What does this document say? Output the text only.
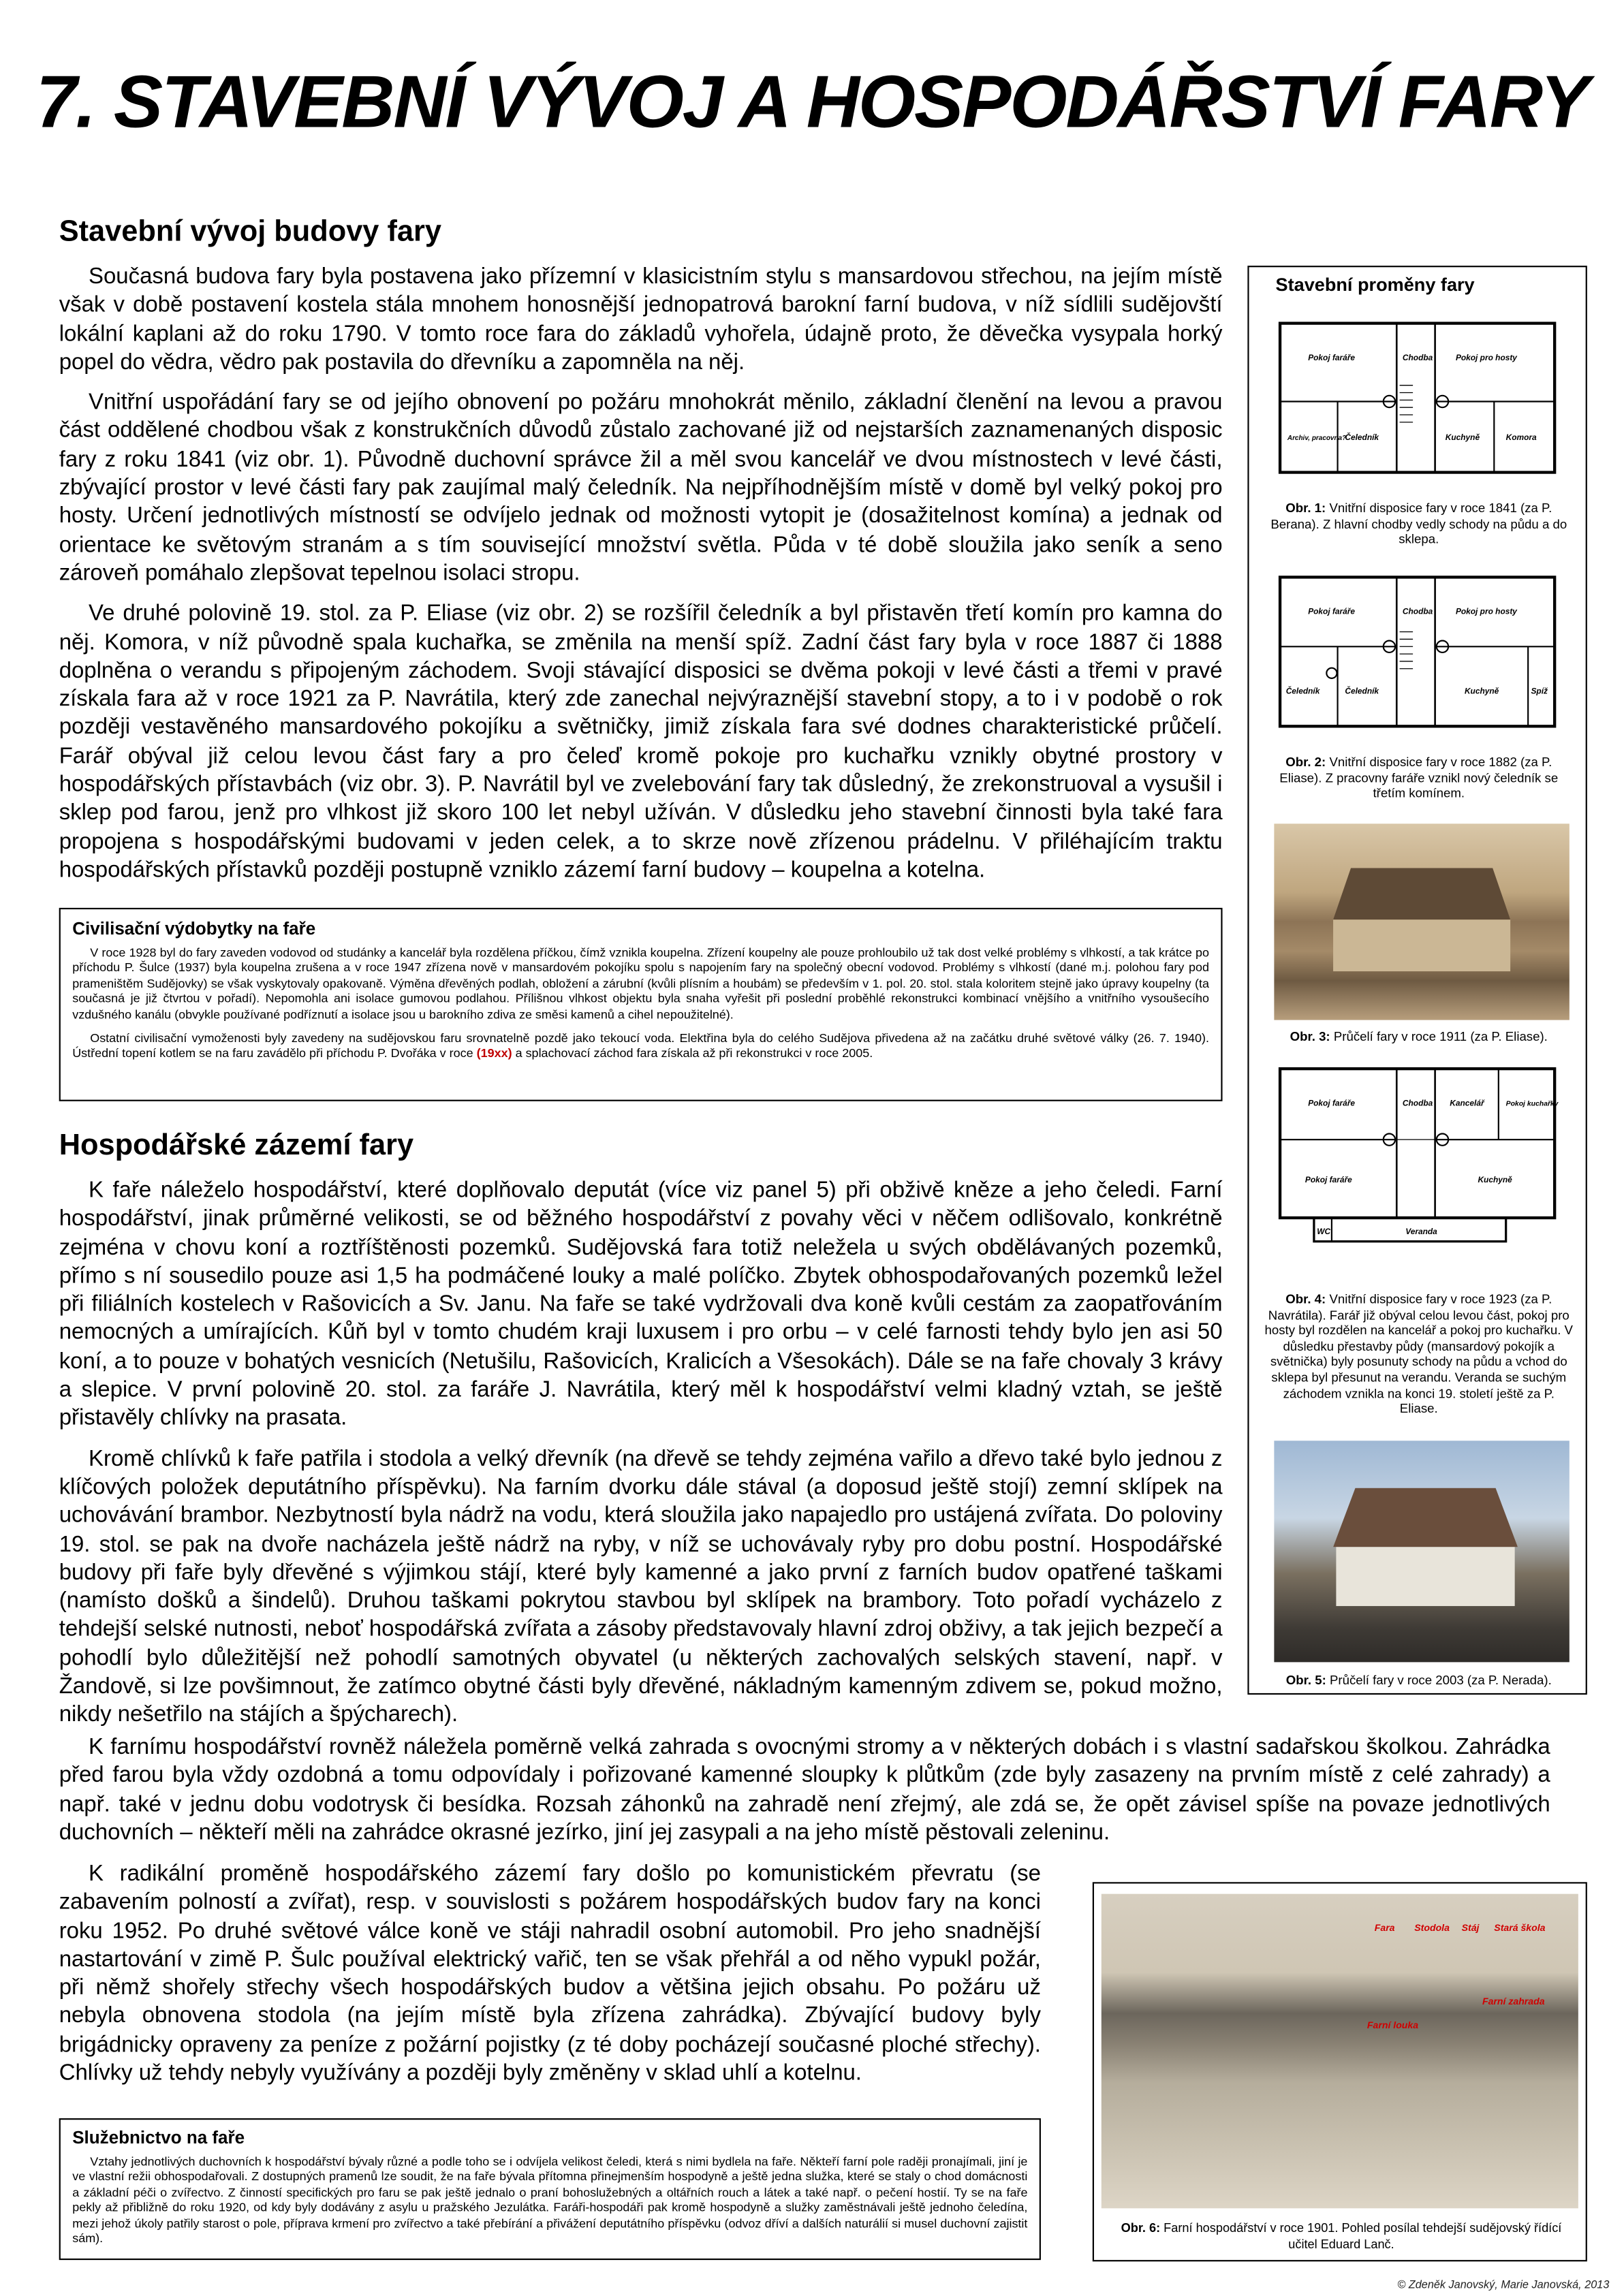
7. STAVEBNÍ VÝVOJ A HOSPODÁŘSTVÍ FARY
Stavební vývoj budovy fary

Současná budova fary byla postavena jako přízemní v klasicistním stylu s mansardovou střechou, na jejím místě však v době postavení kostela stála mnohem honosnější jednopatrová barokní farní budova, v níž sídlili sudějovští lokální kaplani až do roku 1790. V tomto roce fara do základů vyhořela, údajně proto, že děvečka vysypala horký popel do vědra, vědro pak postavila do dřevníku a zapomněla na něj.

Vnitřní uspořádání fary se od jejího obnovení po požáru mnohokrát měnilo, základní členění na levou a pravou část oddělené chodbou však z konstrukčních důvodů zůstalo zachované již od nejstarších zaznamenaných disposic fary z roku 1841 (viz obr. 1). Původně duchovní správce žil a měl svou kancelář ve dvou místnostech v levé části, zbývající prostor v levé části fary pak zaujímal malý čeledník. Na nejpříhodnějším místě v domě byl velký pokoj pro hosty. Určení jednotlivých místností se odvíjelo jednak od možnosti vytopit je (dosažitelnost komína) a jednak od orientace ke světovým stranám a s tím související množství světla. Půda v té době sloužila jako seník a seno zároveň pomáhalo zlepšovat tepelnou isolaci stropu.

Ve druhé polovině 19. stol. za P. Eliase (viz obr. 2) se rozšířil čeledník a byl přistavěn třetí komín pro kamna do něj. Komora, v níž původně spala kuchařka, se změnila na menší spíž. Zadní část fary byla v roce 1887 či 1888 doplněna o verandu s připojeným záchodem. Svoji stávající disposici se dvěma pokoji v levé části a třemi v pravé získala fara až v roce 1921 za P. Navrátila, který zde zanechal nejvýraznější stavební stopy, a to i v podobě o rok později vestavěného mansardového pokojíku a světničky, jimiž získala fara své dodnes charakteristické průčelí. Farář obýval již celou levou část fary a pro čeleď kromě pokoje pro kuchařku vznikly obytné prostory v hospodářských přístavbách (viz obr. 3). P. Navrátil byl ve zvelebování fary tak důsledný, že zrekonstruoval a vysušil i sklep pod farou, jenž pro vlhkost již skoro 100 let nebyl užíván. V důsledku jeho stavební činnosti byla také fara propojena s hospodářskými budovami v jeden celek, a to skrze nově zřízenou prádelnu. V přiléhajícím traktu hospodářských přístavků později postupně vzniklo zázemí farní budovy – koupelna a kotelna.

Civilisační výdobytky na faře

V roce 1928 byl do fary zaveden vodovod od studánky a kancelář byla rozdělena příčkou, čímž vznikla koupelna. Zřízení koupelny ale pouze prohloubilo už tak dost velké problémy s vlhkostí, a tak krátce po příchodu P. Šulce (1937) byla koupelna zrušena a v roce 1947 zřízena nově v mansardovém pokojíku spolu s napojením fary na společný obecní vodovod. Problémy s vlhkostí (dané m.j. polohou fary pod prameništěm Sudějovky) se však vyskytovaly opakovaně. Výměna dřevěných podlah, obložení a zárubní (kvůli plísním a houbám) se především v 1. pol. 20. stol. stala koloritem stejně jako úpravy koupelny (ta současná je již čtvrtou v pořadí). Nepomohla ani isolace gumovou podlahou. Přílišnou vlhkost objektu byla snaha vyřešit při poslední proběhlé rekonstrukci kombinací vnějšího a vnitřního vysoušecího vzdušného kanálu (obvykle používané podříznutí a isolace jsou u barokního zdiva ze směsi kamenů a cihel nepoužitelné).

Ostatní civilisační vymoženosti byly zavedeny na sudějovskou faru srovnatelně pozdě jako tekoucí voda. Elektřina byla do celého Sudějova přivedena až na začátku druhé světové války (26. 7. 1940). Ústřední topení kotlem se na faru zavádělo při příchodu P. Dvořáka v roce (19xx) a splachovací záchod fara získala až při rekonstrukci v roce 2005.

Hospodářské zázemí fary

K faře náleželo hospodářství, které doplňovalo deputát (více viz panel 5) při obživě kněze a jeho čeledi. Farní hospodářství, jinak průměrné velikosti, se od běžného hospodářství z povahy věci v něčem odlišovalo, konkrétně zejména v chovu koní a roztříštěnosti pozemků. Sudějovská fara totiž neležela u svých obdělávaných pozemků, přímo s ní sousedilo pouze asi 1,5 ha podmáčené louky a malé políčko. Zbytek obhospodařovaných pozemků ležel při filiálních kostelech v Rašovicích a Sv. Janu. Na faře se také vydržovali dva koně kvůli cestám za zaopatřováním nemocných a umírajících. Kůň byl v tomto chudém kraji luxusem i pro orbu – v celé farnosti tehdy bylo jen asi 50 koní, a to pouze v bohatých vesnicích (Netušilu, Rašovicích, Kralicích a Všesokách). Dále se na faře chovaly 3 krávy a slepice. V první polovině 20. stol. za faráře J. Navrátila, který měl k hospodářství velmi kladný vztah, se ještě přistavěly chlívky na prasata.

Kromě chlívků k faře patřila i stodola a velký dřevník (na dřevě se tehdy zejména vařilo a dřevo také bylo jednou z klíčových položek deputátního příspěvku). Na farním dvorku dále stával (a doposud ještě stojí) zemní sklípek na uchovávání brambor. Nezbytností byla nádrž na vodu, která sloužila jako napajedlo pro ustájená zvířata. Do poloviny 19. stol. se pak na dvoře nacházela ještě nádrž na ryby, v níž se uchovávaly ryby pro dobu postní. Hospodářské budovy při faře byly dřevěné s výjimkou stájí, které byly kamenné a jako první z farních budov opatřené taškami (namísto došků a šindelů). Druhou taškami pokrytou stavbou byl sklípek na brambory. Toto pořadí vycházelo z tehdejší selské nutnosti, neboť hospodářská zvířata a zásoby představovaly hlavní zdroj obživy, a tak jejich bezpečí a pohodlí bylo důležitější než pohodlí samotných obyvatel (u některých zachovalých selských stavení, např. v Žandově, si lze povšimnout, že zatímco obytné části byly dřevěné, nákladným kamenným zdivem se, pokud možno, nikdy nešetřilo na stájích a špýcharech).

K farnímu hospodářství rovněž náležela poměrně velká zahrada s ovocnými stromy a v některých dobách i s vlastní sadařskou školkou. Zahrádka před farou byla vždy ozdobná a tomu odpovídaly i pořizované kamenné sloupky k plůtkům (zde byly zasazeny na prvním místě z celé zahrady) a např. také v jednu dobu vodotrysk či besídka. Rozsah záhonků na zahradě není zřejmý, ale zdá se, že opět závisel spíše na povaze jednotlivých duchovních – někteří měli na zahrádce okrasné jezírko, jiní jej zasypali a na jeho místě pěstovali zeleninu.

K radikální proměně hospodářského zázemí fary došlo po komunistickém převratu (se zabavením polností a zvířat), resp. v souvislosti s požárem hospodářských budov fary na konci roku 1952. Po druhé světové válce koně ve stáji nahradil osobní automobil. Pro jeho snadnější nastartování v zimě P. Šulc používal elektrický vařič, ten se však přehřál a od něho vypukl požár, při němž shořely střechy všech hospodářských budov a většina jejich obsahu. Po požáru už nebyla obnovena stodola (na jejím místě byla zřízena zahrádka). Zbývající budovy byly brigádnicky opraveny za peníze z požární pojistky (z té doby pocházejí současné ploché střechy). Chlívky už tehdy nebyly využívány a později byly změněny v sklad uhlí a kotelnu.

Služebnictvo na faře

Vztahy jednotlivých duchovních k hospodářství bývaly různé a podle toho se i odvíjela velikost čeledi, která s nimi bydlela na faře. Někteří farní pole raději pronajímali, jiní je ve vlastní režii obhospodařovali. Z dostupných pramenů lze soudit, že na faře bývala přítomna přinejmenším hospodyně a ještě jedna služka, které se staly o chod domácnosti a základní péči o zvířectvo. Z činností specifických pro faru se pak ještě jednalo o praní bohoslužebných a oltářních rouch a látek a také např. o pečení hostií. Ty se na faře pekly až přibližně do roku 1920, od kdy byly dodávány z asylu u pražského Jezulátka. Faráři-hospodáři pak kromě hospodyně a služky zaměstnávali ještě jednoho čeledína, mezi jehož úkoly patřily starost o pole, příprava krmení pro zvířectvo a také přebírání a přivážení deputátního příspěvku (odvoz dříví a dalších naturálií si musel duchovní zajistit sám).

Stavební proměny fary
Pokoj faráře	Chodba	Pokoj pro hosty
Archiv, pracovna?
Čeledník	Kuchyně	Komora
Obr. 1: Vnitřní disposice fary v roce 1841 (za P. Berana). Z hlavní chodby vedly schody na půdu a do sklepa.
Pokoj faráře	Chodba	Pokoj pro hosty
Čeledník	Čeledník	Kuchyně	Spíž
Obr. 2: Vnitřní disposice fary v roce 1882 (za P. Eliase). Z pracovny faráře vznikl nový čeledník se třetím komínem.
Obr. 3: Průčelí fary v roce 1911 (za P. Eliase).
Pokoj faráře	Chodba	Kancelář	Pokoj kuchařky
Pokoj faráře	Kuchyně
WC	Veranda
Obr. 4: Vnitřní disposice fary v roce 1923 (za P. Navrátila). Farář již obýval celou levou část, pokoj pro hosty byl rozdělen na kancelář a pokoj pro kuchařku. V důsledku přestavby půdy (mansardový pokojík a světnička) byly posunuty schody na půdu a vchod do sklepa byl přesunut na verandu. Veranda se suchým záchodem vznikla na konci 19. století ještě za P. Eliase.
Obr. 5: Průčelí fary v roce 2003 (za P. Nerada).
Fara	Stodola	Stáj	Stará škola
Farní zahrada
Farní louka
Obr. 6: Farní hospodářství v roce 1901. Pohled posílal tehdejší sudějovský řídící učitel Eduard Lanč.
© Zdeněk Janovský, Marie Janovská, 2013
